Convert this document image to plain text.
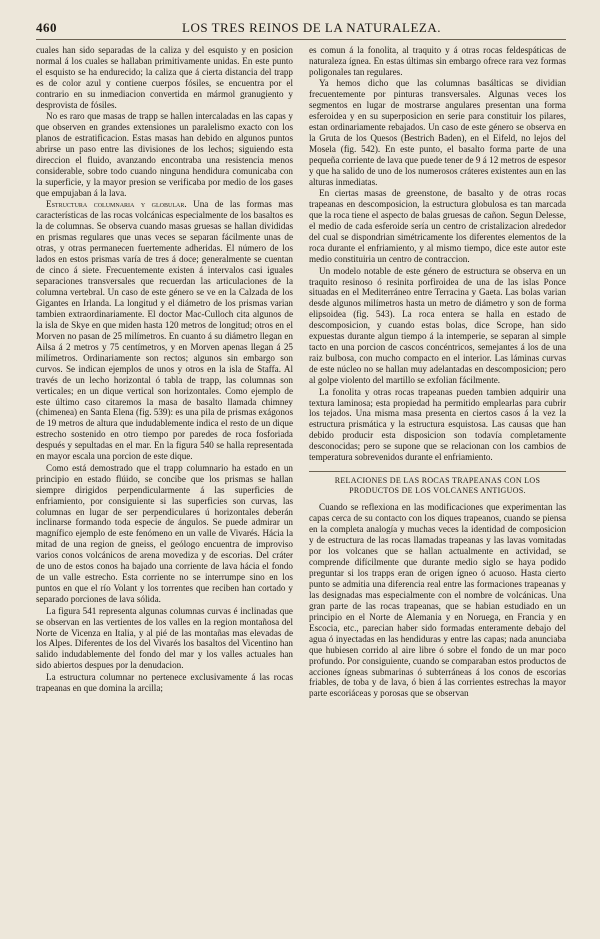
460	LOS TRES REINOS DE LA NATURALEZA.

cuales han sido separadas de la caliza y del esquisto y en posicion normal á los cuales se hallaban primitivamente unidas. En este punto el esquisto se ha endurecido; la caliza que á cierta distancia del trapp es de color azul y contiene cuerpos fósiles, se encuentra por el contrario en su inmediacion convertida en mármol granugiento y desprovista de fósiles.

No es raro que masas de trapp se hallen intercaladas en las capas y que observen en grandes extensiones un paralelismo exacto con los planos de estratificacion. Estas masas han debido en algunos puntos abrirse un paso entre las divisiones de los lechos; siguiendo esta direccion el fluido, avanzando encontraba una resistencia menos considerable, sobre todo cuando ninguna hendidura comunicaba con la superficie, y la mayor presion se verificaba por medio de los gases que empujaban á la lava.

Estructura columnaria y globular. Una de las formas mas características de las rocas volcánicas especialmente de los basaltos es la de columnas. Se observa cuando masas gruesas se hallan divididas en prismas regulares que unas veces se separan fácilmente unas de otras, y otras permanecen fuertemente adheridas. El número de los lados en estos prismas varía de tres á doce; generalmente se cuentan de cinco á siete. Frecuentemente existen á intervalos casi iguales separaciones transversales que recuerdan las articulaciones de la columna vertebral. Un caso de este género se ve en la Calzada de los Gigantes en Irlanda. La longitud y el diámetro de los prismas varian tambien extraordinariamente. El doctor Mac-Culloch cita algunos de la isla de Skye en que miden hasta 120 metros de longitud; otros en el Morven no pasan de 25 milímetros. En cuanto á su diámetro llegan en Ailsa á 2 metros y 75 centímetros, y en Morven apenas llegan á 25 milímetros. Ordinariamente son rectos; algunos sin embargo son curvos. Se indican ejemplos de unos y otros en la isla de Staffa. Al través de un lecho horizontal ó tabla de trapp, las columnas son verticales; en un dique vertical son horizontales. Como ejemplo de este último caso citaremos la masa de basalto llamada chimney (chimenea) en Santa Elena (fig. 539): es una pila de prismas exágonos de 19 metros de altura que indudablemente indica el resto de un dique estrecho sostenido en otro tiempo por paredes de roca fosforiada después y sepultadas en el mar. En la figura 540 se halla representada en mayor escala una porcion de este dique.

Como está demostrado que el trapp columnario ha estado en un principio en estado flúido, se concibe que los prismas se hallan siempre dirigidos perpendicularmente á las superficies de enfriamiento, por consiguiente si las superficies son curvas, las columnas en lugar de ser perpendiculares ú horizontales deberán inclinarse formando toda especie de ángulos. Se puede admirar un magnífico ejemplo de este fenómeno en un valle de Vivarés. Hácia la mitad de una region de gneiss, el geólogo encuentra de improviso varios conos volcánicos de arena movediza y de escorias. Del cráter de uno de estos conos ha bajado una corriente de lava hácia el fondo de un valle estrecho. Esta corriente no se interrumpe sino en los puntos en que el río Volant y los torrentes que reciben han cortado y separado porciones de lava sólida.

La figura 541 representa algunas columnas curvas é inclinadas que se observan en las vertientes de los valles en la region montañosa del Norte de Vicenza en Italia, y al pié de las montañas mas elevadas de los Alpes. Diferentes de los del Vivarés los basaltos del Vicentino han salido indudablemente del fondo del mar y los valles actuales han sido abiertos despues por la denudacion.

La estructura columnar no pertenece exclusivamente á las rocas trapeanas en que domina la arcilla;

es comun á la fonolita, al traquito y á otras rocas feldespáticas de naturaleza ígnea. En estas últimas sin embargo ofrece rara vez formas poligonales tan regulares.

Ya hemos dicho que las columnas basálticas se dividian frecuentemente por pinturas transversales. Algunas veces los segmentos en lugar de mostrarse angulares presentan una forma esferoidea y en su superposicion en serie para constituir los pilares, estan ordinariamente rebajados. Un caso de este género se observa en la Gruta de los Quesos (Bestrich Baden), en el Eifeld, no lejos del Mosela (fig. 542). En este punto, el basalto forma parte de una pequeña corriente de lava que puede tener de 9 á 12 metros de espesor y que ha salido de uno de los numerosos cráteres existentes aun en las alturas inmediatas.

En ciertas masas de greenstone, de basalto y de otras rocas trapeanas en descomposicion, la estructura globulosa es tan marcada que la roca tiene el aspecto de balas gruesas de cañon. Segun Delesse, el medio de cada esferoide sería un centro de cristalizacion alrededor del cual se dispondrian simétricamente los diferentes elementos de la roca durante el enfriamiento, y al mismo tiempo, dice este autor este medio constituiria un centro de contraccion.

Un modelo notable de este género de estructura se observa en un traquito resinoso ó resinita porfiroidea de una de las islas Ponce situadas en el Mediterráneo entre Terracina y Gaeta. Las bolas varian desde algunos milímetros hasta un metro de diámetro y son de forma elipsoidea (fig. 543). La roca entera se halla en estado de descomposicion, y cuando estas bolas, dice Scrope, han sido expuestas durante algun tiempo á la intemperie, se separan al simple tacto en una porcion de cascos concéntricos, semejantes á los de una raiz bulbosa, con mucho compacto en el interior. Las láminas curvas de este núcleo no se hallan muy adelantadas en descomposicion; pero al golpe violento del martillo se exfolian fácilmente.

La fonolita y otras rocas trapeanas pueden tambien adquirir una textura laminosa; esta propiedad ha permitido emplearlas para cubrir los tejados. Una misma masa presenta en ciertos casos á la vez la estructura prismática y la estructura esquistosa. Las causas que han debido producir esta disposicion son todavía completamente desconocidas; pero se supone que se relacionan con los cambios de temperatura sobrevenidos durante el enfriamiento.

RELACIONES DE LAS ROCAS TRAPEANAS CON LOS PRODUCTOS DE LOS VOLCANES ANTIGUOS.

Cuando se reflexiona en las modificaciones que experimentan las capas cerca de su contacto con los diques trapeanos, cuando se piensa en la completa analogía y muchas veces la identidad de composicion y de estructura de las rocas llamadas trapeanas y las lavas vomitadas por los volcanes que se hallan actualmente en actividad, se comprende difícilmente que durante medio siglo se haya podido preguntar si los trapps eran de origen ígneo ó acuoso. Hasta cierto punto se admitia una diferencia real entre las formaciones trapeanas y las designadas mas especialmente con el nombre de volcánicas. Una gran parte de las rocas trapeanas, que se habian estudiado en un principio en el Norte de Alemania y en Noruega, en Francia y en Escocia, etc., parecian haber sido formadas enteramente debajo del agua ó inyectadas en las hendiduras y entre las capas; nada anunciaba que hubiesen corrido al aire libre ó sobre el fondo de un mar poco profundo. Por consiguiente, cuando se comparaban estos productos de acciones ígneas submarinas ó subterráneas á los conos de escorias friables, de toba y de lava, ó bien á las corrientes estrechas la mayor parte escoriáceas y porosas que se observan
